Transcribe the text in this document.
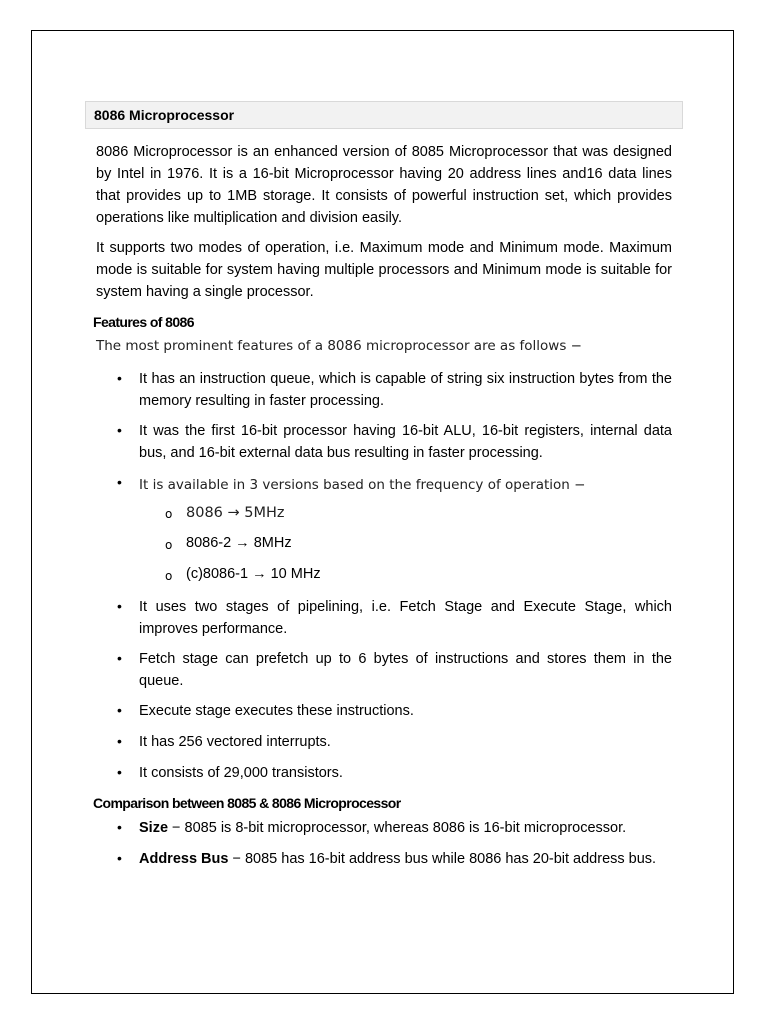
8086 Microprocessor
8086 Microprocessor is an enhanced version of 8085 Microprocessor that was designed by Intel in 1976. It is a 16-bit Microprocessor having 20 address lines and16 data lines that provides up to 1MB storage. It consists of powerful instruction set, which provides operations like multiplication and division easily.
It supports two modes of operation, i.e. Maximum mode and Minimum mode. Maximum mode is suitable for system having multiple processors and Minimum mode is suitable for system having a single processor.
Features of 8086
The most prominent features of a 8086 microprocessor are as follows −
• It has an instruction queue, which is capable of string six instruction bytes from the memory resulting in faster processing.
• It was the first 16-bit processor having 16-bit ALU, 16-bit registers, internal data bus, and 16-bit external data bus resulting in faster processing.
• It is available in 3 versions based on the frequency of operation −
o 8086 → 5MHz
o 8086-2 → 8MHz
o (c)8086-1 → 10 MHz
• It uses two stages of pipelining, i.e. Fetch Stage and Execute Stage, which improves performance.
• Fetch stage can prefetch up to 6 bytes of instructions and stores them in the queue.
• Execute stage executes these instructions.
• It has 256 vectored interrupts.
• It consists of 29,000 transistors.
Comparison between 8085 & 8086 Microprocessor
• Size − 8085 is 8-bit microprocessor, whereas 8086 is 16-bit microprocessor.
• Address Bus − 8085 has 16-bit address bus while 8086 has 20-bit address bus.
